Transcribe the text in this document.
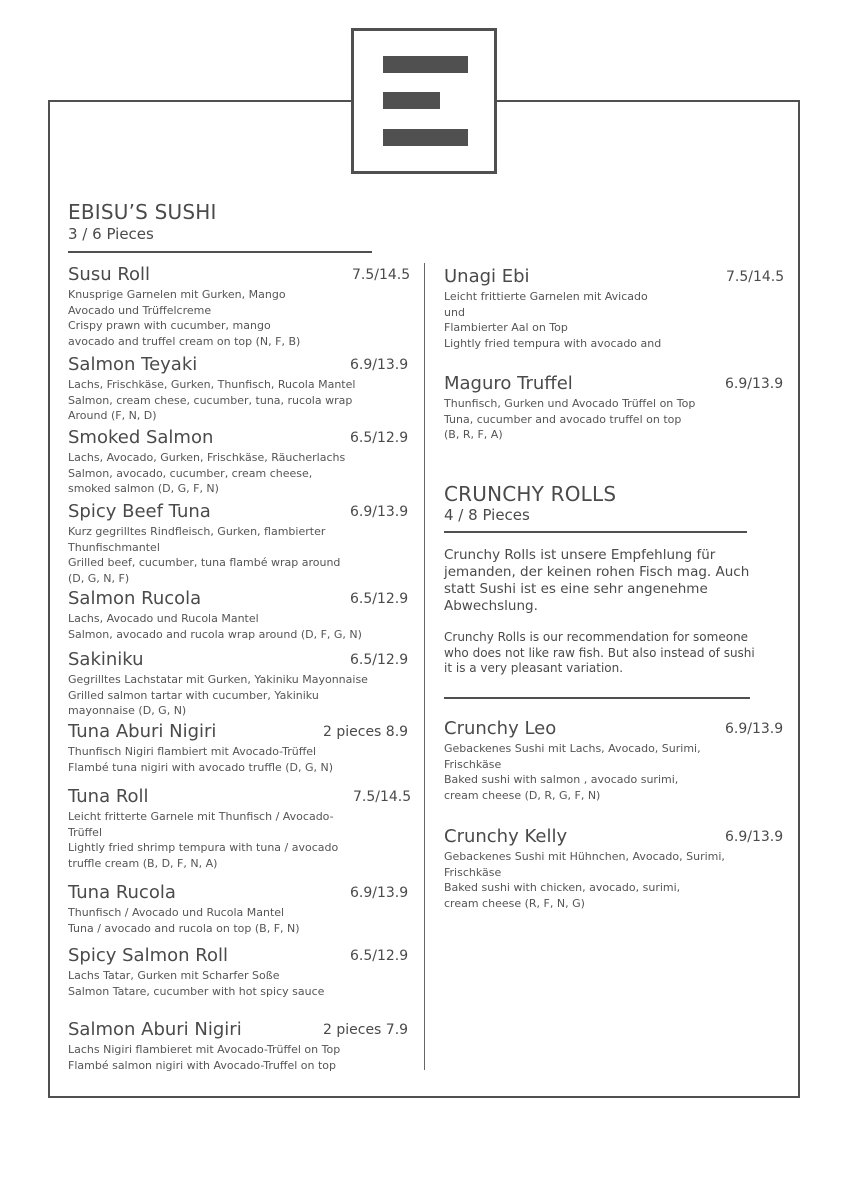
EBISU’S SUSHI
3 / 6 Pieces
CRUNCHY ROLLS
4 / 8 Pieces
Crunchy Rolls ist unsere Empfehlung für jemanden, der keinen rohen Fisch mag. Auch statt Sushi ist es eine sehr angenehme Abwechslung.
Crunchy Rolls is our recommendation for someone who does not like raw fish. But also instead of sushi it is a very pleasant variation.
Susu Roll	7.5/14.5
Knusprige Garnelen mit Gurken, Mango
Avocado und Trüffelcreme
Crispy prawn with cucumber, mango
avocado and truffel cream on top (N, F, B)
Salmon Teyaki	6.9/13.9
Lachs, Frischkäse, Gurken, Thunfisch, Rucola Mantel
Salmon, cream chese, cucumber, tuna, rucola wrap
Around (F, N, D)
Smoked Salmon	6.5/12.9
Lachs, Avocado, Gurken, Frischkäse, Räucherlachs
Salmon, avocado, cucumber, cream cheese,
smoked salmon (D, G, F, N)
Spicy Beef Tuna	6.9/13.9
Kurz gegrilltes Rindfleisch, Gurken, flambierter
Thunfischmantel
Grilled beef, cucumber, tuna flambé wrap around
(D, G, N, F)
Salmon Rucola	6.5/12.9
Lachs, Avocado und Rucola Mantel
Salmon, avocado and rucola wrap around (D, F, G, N)
Sakiniku	6.5/12.9
Gegrilltes Lachstatar mit Gurken, Yakiniku Mayonnaise
Grilled salmon tartar with cucumber, Yakiniku
mayonnaise (D, G, N)
Tuna Aburi Nigiri	2 pieces 8.9
Thunfisch Nigiri flambiert mit Avocado-Trüffel
Flambé tuna nigiri with avocado truffle (D, G, N)
Tuna Roll	7.5/14.5
Leicht fritterte Garnele mit Thunfisch / Avocado-
Trüffel
Lightly fried shrimp tempura with tuna / avocado
truffle cream (B, D, F, N, A)
Tuna Rucola	6.9/13.9
Thunfisch / Avocado und Rucola Mantel
Tuna / avocado and rucola on top (B, F, N)
Spicy Salmon Roll	6.5/12.9
Lachs Tatar, Gurken mit Scharfer Soße
Salmon Tatare, cucumber with hot spicy sauce
Salmon Aburi Nigiri	2 pieces 7.9
Lachs Nigiri flambieret mit Avocado-Trüffel on Top
Flambé salmon nigiri with Avocado-Truffel on top
Unagi Ebi	7.5/14.5
Leicht frittierte Garnelen mit Avicado
und
Flambierter Aal on Top
Lightly fried tempura with avocado and
Maguro Truffel	6.9/13.9
Thunfisch, Gurken und Avocado Trüffel on Top
Tuna, cucumber and avocado truffel on top
(B, R, F, A)
Crunchy Leo	6.9/13.9
Gebackenes Sushi mit Lachs, Avocado, Surimi,
Frischkäse
Baked sushi with salmon , avocado surimi,
cream cheese (D, R, G, F, N)
Crunchy Kelly	6.9/13.9
Gebackenes Sushi mit Hühnchen, Avocado, Surimi,
Frischkäse
Baked sushi with chicken, avocado, surimi,
cream cheese (R, F, N, G)
